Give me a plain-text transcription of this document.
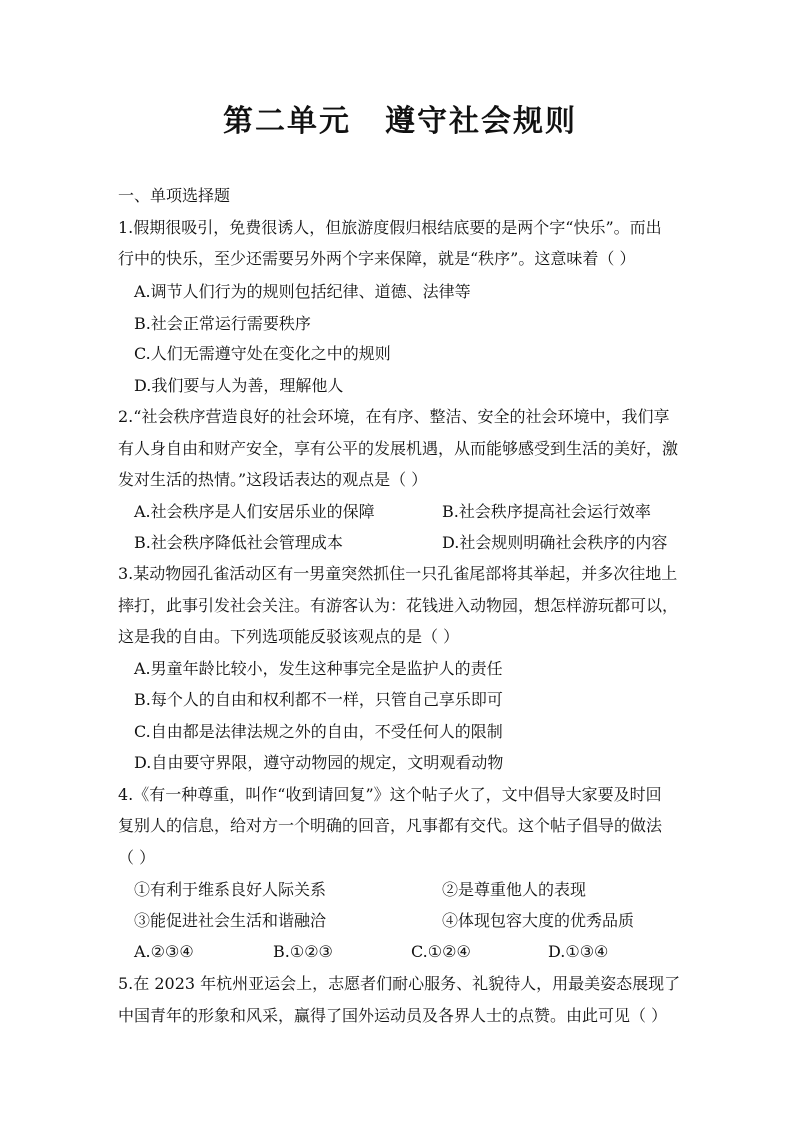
第二单元 遵守社会规则
一、单项选择题
1.假期很吸引，免费很诱人，但旅游度假归根结底要的是两个字“快乐”。而出
行中的快乐，至少还需要另外两个字来保障，就是“秩序”。这意味着（ ）
A.调节人们行为的规则包括纪律、道德、法律等
B.社会正常运行需要秩序
C.人们无需遵守处在变化之中的规则
D.我们要与人为善，理解他人
2.“社会秩序营造良好的社会环境，在有序、整洁、安全的社会环境中，我们享
有人身自由和财产安全，享有公平的发展机遇，从而能够感受到生活的美好，激
发对生活的热情。”这段话表达的观点是（ ）
A.社会秩序是人们安居乐业的保障	B.社会秩序提高社会运行效率
B.社会秩序降低社会管理成本	D.社会规则明确社会秩序的内容
3.某动物园孔雀活动区有一男童突然抓住一只孔雀尾部将其举起，并多次往地上
摔打，此事引发社会关注。有游客认为：花钱进入动物园，想怎样游玩都可以，
这是我的自由。下列选项能反驳该观点的是（ ）
A.男童年龄比较小，发生这种事完全是监护人的责任
B.每个人的自由和权利都不一样，只管自己享乐即可
C.自由都是法律法规之外的自由，不受任何人的限制
D.自由要守界限，遵守动物园的规定，文明观看动物
4.《有一种尊重，叫作“收到请回复”》这个帖子火了，文中倡导大家要及时回
复别人的信息，给对方一个明确的回音，凡事都有交代。这个帖子倡导的做法
（ ）
①有利于维系良好人际关系	②是尊重他人的表现
③能促进社会生活和谐融洽	④体现包容大度的优秀品质
A.②③④	B.①②③	C.①②④	D.①③④
5.在 2023 年杭州亚运会上，志愿者们耐心服务、礼貌待人，用最美姿态展现了
中国青年的形象和风采，赢得了国外运动员及各界人士的点赞。由此可见（ ）
